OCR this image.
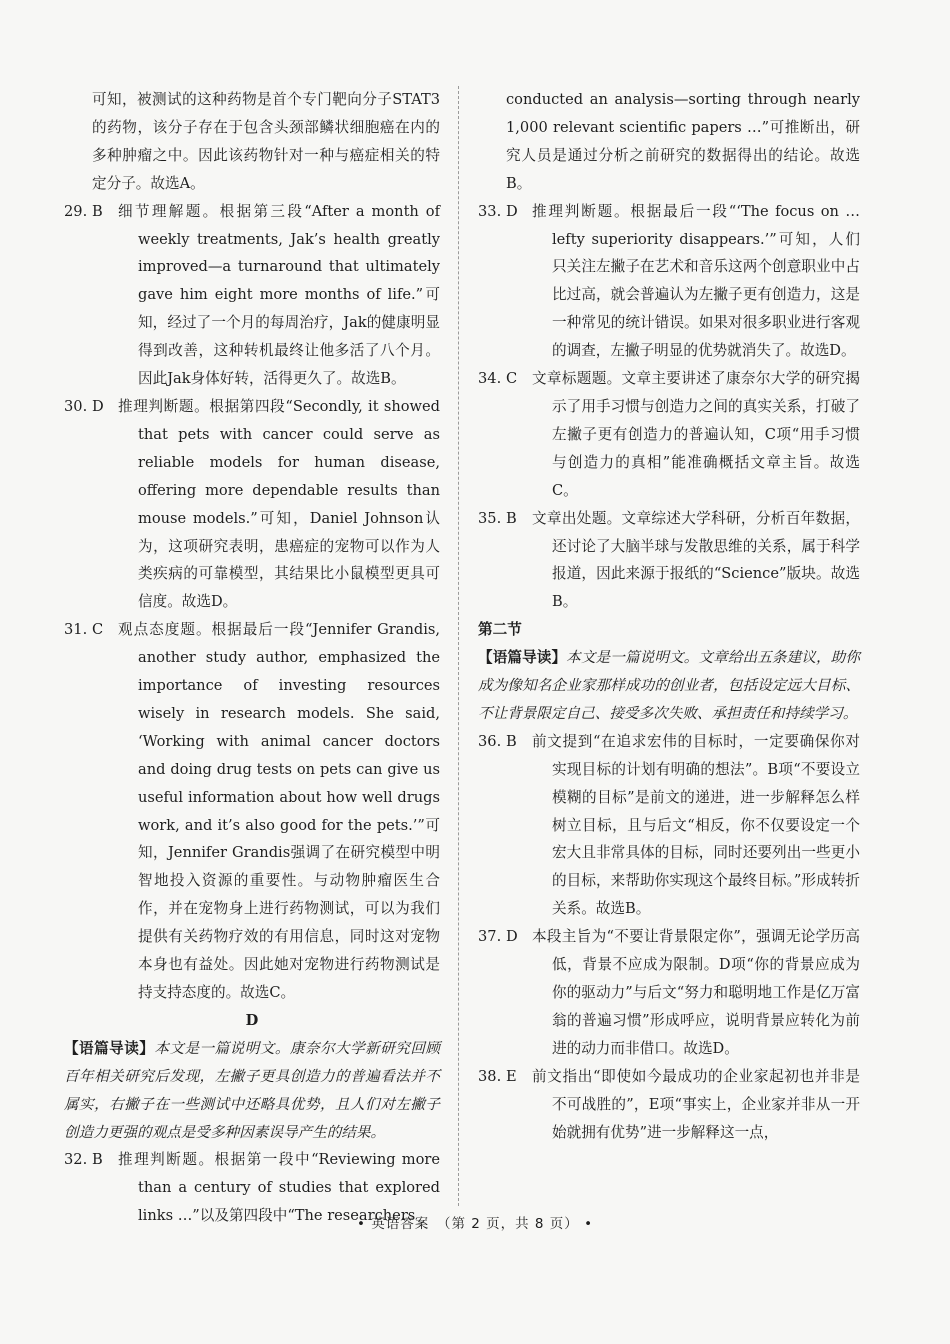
可知，被测试的这种药物是首个专门靶向分子STAT3的药物，该分子存在于包含头颈部鳞状细胞癌在内的多种肿瘤之中。因此该药物针对一种与癌症相关的特定分子。故选A。

29. B	细节理解题。根据第三段“After a month of weekly treatments, Jak’s health greatly improved—a turnaround that ultimately gave him eight more months of life.”可知，经过了一个月的每周治疗，Jak的健康明显得到改善，这种转机最终让他多活了八个月。因此Jak身体好转，活得更久了。故选B。
30. D 推理判断题。根据第四段“Secondly, it showed that pets with cancer could serve as reliable models for human disease, offering more dependable results than mouse models.”可知，Daniel Johnson认为，这项研究表明，患癌症的宠物可以作为人类疾病的可靠模型，其结果比小鼠模型更具可信度。故选D。
31. C	观点态度题。根据最后一段“Jennifer Grandis, another study author, emphasized the importance of investing resources wisely in research models. She said, ‘Working with animal cancer doctors and doing drug tests on pets can give us useful information about how well drugs work, and it’s also good for the pets.’”可知，Jennifer Grandis强调了在研究模型中明智地投入资源的重要性。与动物肿瘤医生合作，并在宠物身上进行药物测试，可以为我们提供有关药物疗效的有用信息，同时这对宠物本身也有益处。因此她对宠物进行药物测试是持支持态度的。故选C。

D

【语篇导读】本文是一篇说明文。康奈尔大学新研究回顾百年相关研究后发现，左撇子更具创造力的普遍看法并不属实，右撇子在一些测试中还略具优势，且人们对左撇子创造力更强的观点是受多种因素误导产生的结果。

32. B	推理判断题。根据第一段中“Reviewing more than a century of studies that explored links …”以及第四段中“The researchers

conducted an analysis—sorting through nearly 1,000 relevant scientific papers …”可推断出，研究人员是通过分析之前研究的数据得出的结论。故选B。

33. D 推理判断题。根据最后一段“‘The focus on … lefty superiority disappears.’”可知，人们只关注左撇子在艺术和音乐这两个创意职业中占比过高，就会普遍认为左撇子更有创造力，这是一种常见的统计错误。如果对很多职业进行客观的调查，左撇子明显的优势就消失了。故选D。
34. C	文章标题题。文章主要讲述了康奈尔大学的研究揭示了用手习惯与创造力之间的真实关系，打破了左撇子更有创造力的普遍认知，C项“用手习惯与创造力的真相”能准确概括文章主旨。故选C。
35. B	文章出处题。文章综述大学科研，分析百年数据，还讨论了大脑半球与发散思维的关系，属于科学报道，因此来源于报纸的“Science”版块。故选B。

第二节

【语篇导读】本文是一篇说明文。文章给出五条建议，助你成为像知名企业家那样成功的创业者，包括设定远大目标、不让背景限定自己、接受多次失败、承担责任和持续学习。

36. B	前文提到“在追求宏伟的目标时，一定要确保你对实现目标的计划有明确的想法”。B项“不要设立模糊的目标”是前文的递进，进一步解释怎么样树立目标，且与后文“相反，你不仅要设定一个宏大且非常具体的目标，同时还要列出一些更小的目标，来帮助你实现这个最终目标。”形成转折关系。故选B。
37. D 本段主旨为“不要让背景限定你”，强调无论学历高低，背景不应成为限制。D项“你的背景应成为你的驱动力”与后文“努力和聪明地工作是亿万富翁的普遍习惯”形成呼应，说明背景应转化为前进的动力而非借口。故选D。
38. E	前文指出“即使如今最成功的企业家起初也并非是不可战胜的”，E项“事实上，企业家并非从一开始就拥有优势”进一步解释这一点，
• 英语答案　（第 2 页，共 8 页） •
